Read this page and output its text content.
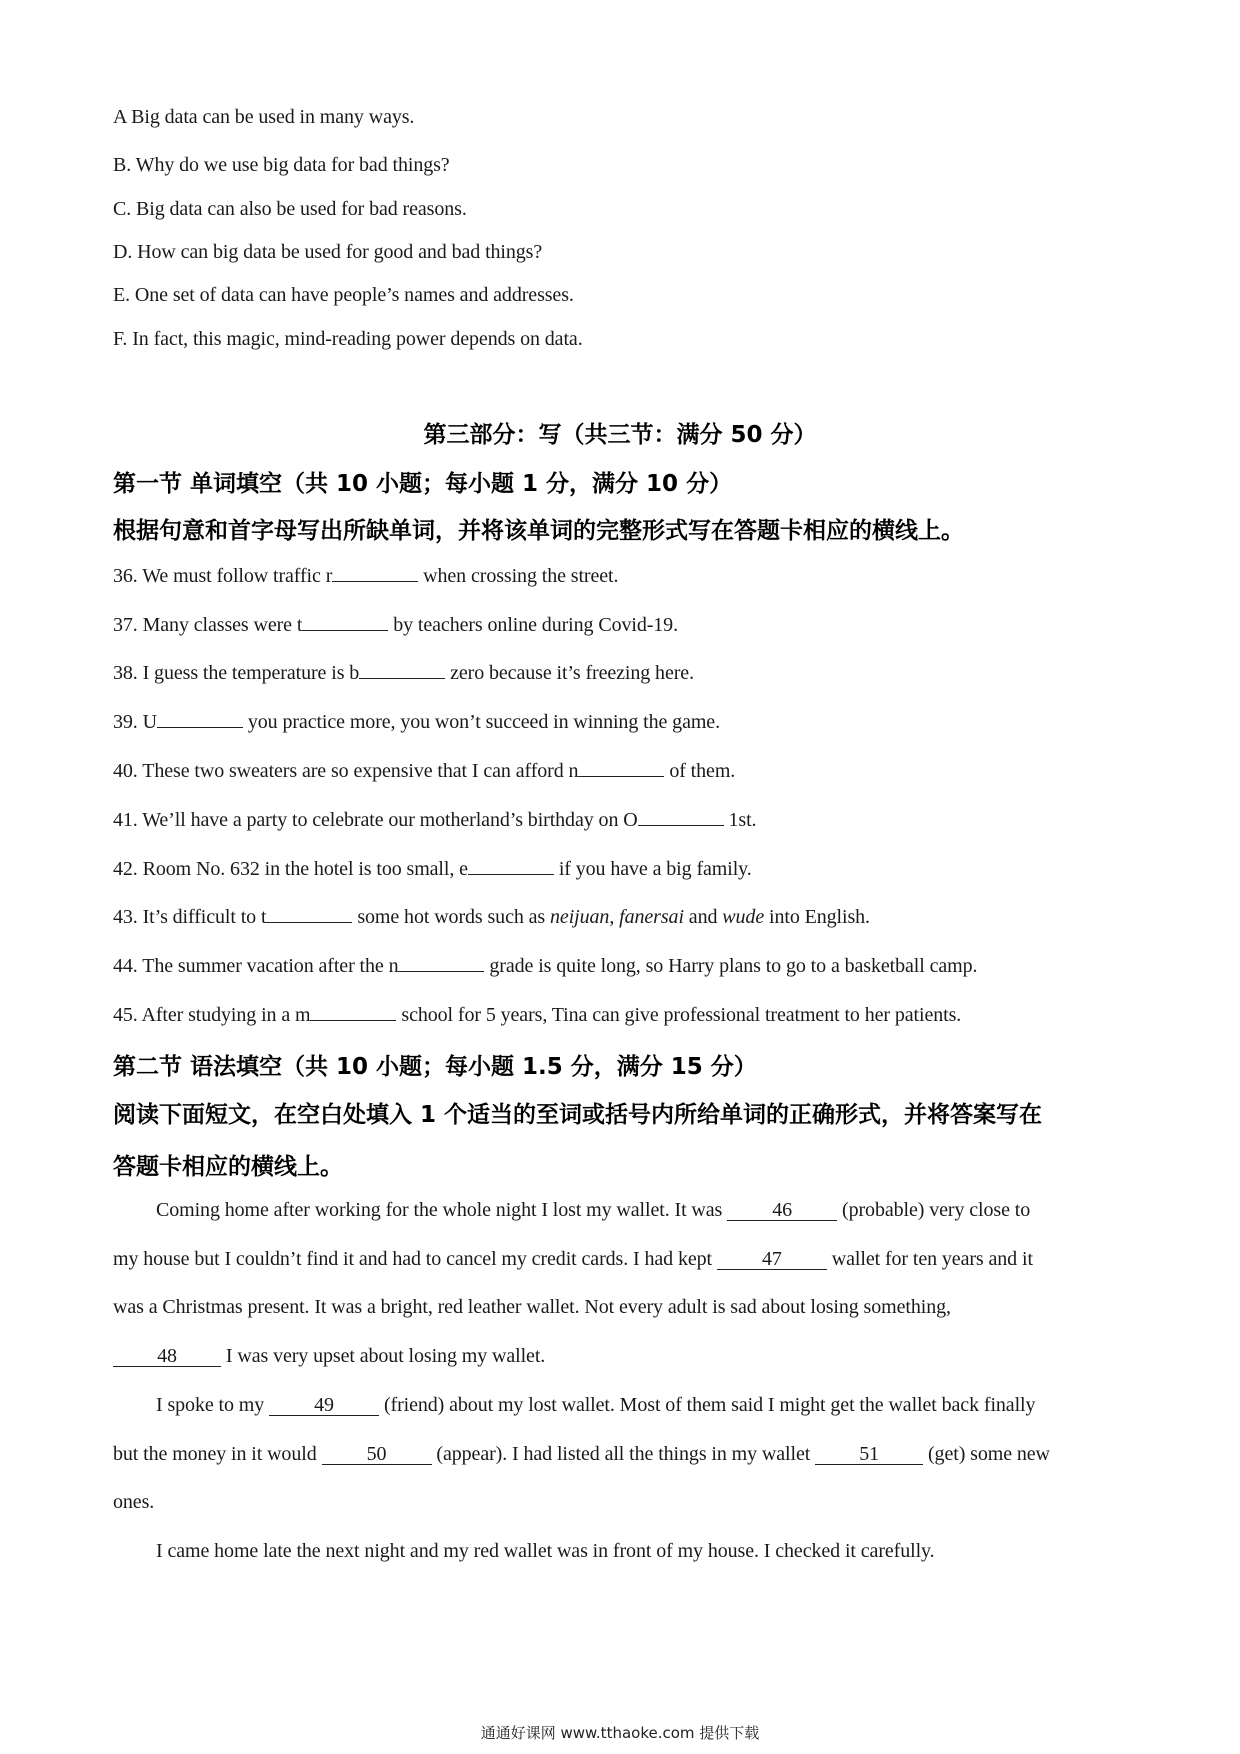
A Big data can be used in many ways.
B. Why do we use big data for bad things?
C. Big data can also be used for bad reasons.
D. How can big data be used for good and bad things?
E. One set of data can have people’s names and addresses.
F. In fact, this magic, mind-reading power depends on data.
第三部分：写（共三节：满分 50 分）
第一节 单词填空（共 10 小题；每小题 1 分，满分 10 分）
根据句意和首字母写出所缺单词，并将该单词的完整形式写在答题卡相应的横线上。
36. We must follow traffic r	when crossing the street.
37. Many classes were t	by teachers online during Covid-19.
38. I guess the temperature is b	zero because it’s freezing here.
39. U	you practice more, you won’t succeed in winning the game.
40. These two sweaters are so expensive that I can afford n	of them.
41. We’ll have a party to celebrate our motherland’s birthday on O	1st.
42. Room No. 632 in the hotel is too small, e	if you have a big family.
43. It’s difficult to t	some hot words such as neijuan, fanersai and wude into English.
44. The summer vacation after the n	grade is quite long, so Harry plans to go to a basketball camp.
45. After studying in a m	school for 5 years, Tina can give professional treatment to her patients.
第二节 语法填空（共 10 小题；每小题 1.5 分，满分 15 分）
阅读下面短文，在空白处填入 1 个适当的至词或括号内所给单词的正确形式，并将答案写在
答题卡相应的横线上。
Coming home after working for the whole night I lost my wallet. It was 46 (probable) very close to
my house but I couldn’t find it and had to cancel my credit cards. I had kept 47 wallet for ten years and it
was a Christmas present. It was a bright, red leather wallet. Not every adult is sad about losing something,
48 I was very upset about losing my wallet.
I spoke to my 49 (friend) about my lost wallet. Most of them said I might get the wallet back finally
but the money in it would 50 (appear). I had listed all the things in my wallet 51 (get) some new
ones.
I came home late the next night and my red wallet was in front of my house. I checked it carefully.
通通好课网 www.tthaoke.com 提供下载
